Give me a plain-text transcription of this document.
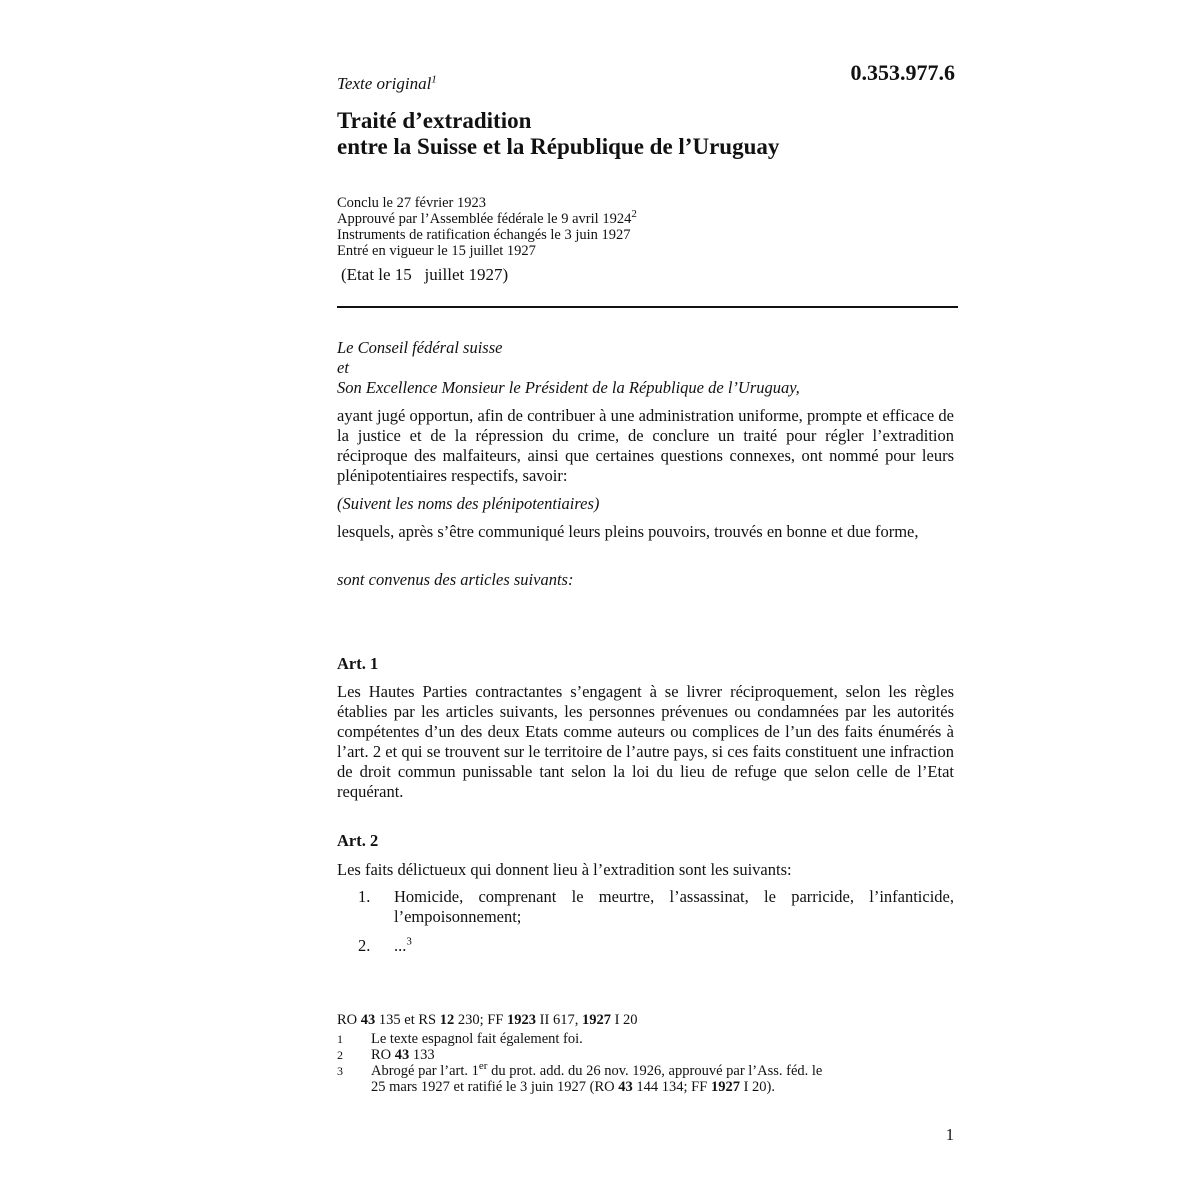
Texte original$^1$	0.353.977.6
Traité d’extradition
entre la Suisse et la République de l’Uruguay
Conclu le 27 février 1923
Approuvé par l’Assemblée fédérale le 9 avril 1924$^2$
Instruments de ratification échangés le 3 juin 1927
Entré en vigueur le 15 juillet 1927
(Etat le 15   juillet 1927)
Le Conseil fédéral suisse
et
Son Excellence Monsieur le Président de la République de l’Uruguay,
ayant jugé opportun, afin de contribuer à une administration uniforme, prompte et efficace de la justice et de la répression du crime, de conclure un traité pour régler l’extradition réciproque des malfaiteurs, ainsi que certaines questions connexes, ont nommé pour leurs plénipotentiaires respectifs, savoir:
(Suivent les noms des plénipotentiaires)
lesquels, après s’être communiqué leurs pleins pouvoirs, trouvés en bonne et due forme,
sont convenus des articles suivants:
Art. 1
Les Hautes Parties contractantes s’engagent à se livrer réciproquement, selon les règles établies par les articles suivants, les personnes prévenues ou condamnées par les autorités compétentes d’un des deux Etats comme auteurs ou complices de l’un des faits énumérés à l’art. 2 et qui se trouvent sur le territoire de l’autre pays, si ces faits constituent une infraction de droit commun punissable tant selon la loi du lieu de refuge que selon celle de l’Etat requérant.
Art. 2
Les faits délictueux qui donnent lieu à l’extradition sont les suivants:
1.	Homicide, comprenant le meurtre, l’assassinat, le parricide, l’infanticide, l’empoisonnement;
2.	...$^3$
RO 43 135 et RS 12 230; FF 1923 II 617, 1927 I 20
1	Le texte espagnol fait également foi.
2	RO 43 133
3	Abrogé par l’art. 1er du prot. add. du 26 nov. 1926, approuvé par l’Ass. féd. le
25 mars 1927 et ratifié le 3 juin 1927 (RO 43 144 134; FF 1927 I 20).
1
